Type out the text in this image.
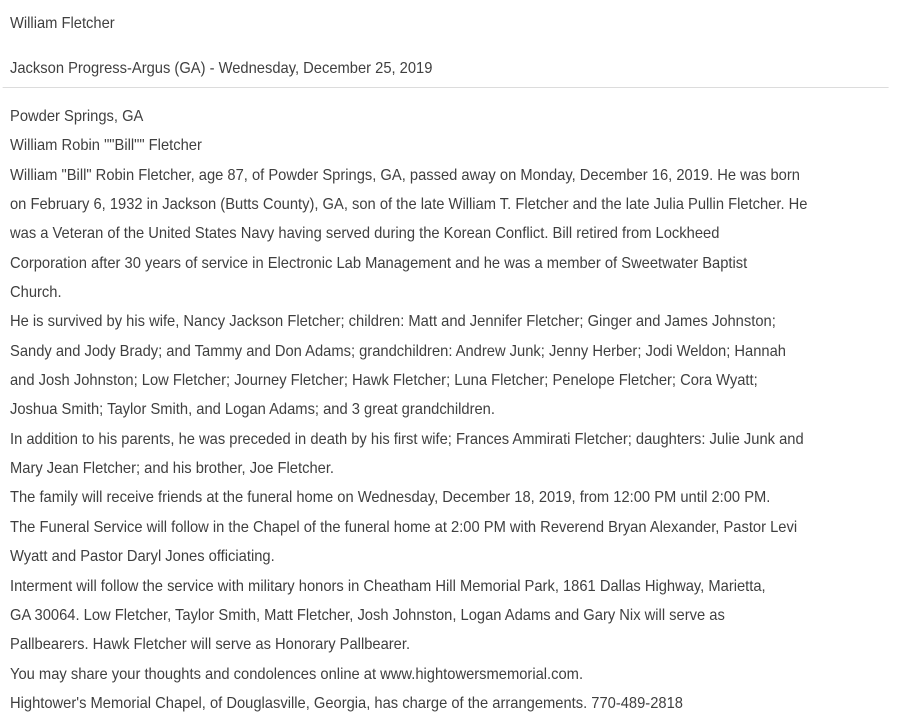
William Fletcher
Jackson Progress-Argus (GA) - Wednesday, December 25, 2019
Powder Springs, GA
William Robin ""Bill"" Fletcher
William "Bill" Robin Fletcher, age 87, of Powder Springs, GA, passed away on Monday, December 16, 2019. He was born
on February 6, 1932 in Jackson (Butts County), GA, son of the late William T. Fletcher and the late Julia Pullin Fletcher. He
was a Veteran of the United States Navy having served during the Korean Conflict. Bill retired from Lockheed
Corporation after 30 years of service in Electronic Lab Management and he was a member of Sweetwater Baptist
Church.
He is survived by his wife, Nancy Jackson Fletcher; children: Matt and Jennifer Fletcher; Ginger and James Johnston;
Sandy and Jody Brady; and Tammy and Don Adams; grandchildren: Andrew Junk; Jenny Herber; Jodi Weldon; Hannah
and Josh Johnston; Low Fletcher; Journey Fletcher; Hawk Fletcher; Luna Fletcher; Penelope Fletcher; Cora Wyatt;
Joshua Smith; Taylor Smith, and Logan Adams; and 3 great grandchildren.
In addition to his parents, he was preceded in death by his first wife; Frances Ammirati Fletcher; daughters: Julie Junk and
Mary Jean Fletcher; and his brother, Joe Fletcher.
The family will receive friends at the funeral home on Wednesday, December 18, 2019, from 12:00 PM until 2:00 PM.
The Funeral Service will follow in the Chapel of the funeral home at 2:00 PM with Reverend Bryan Alexander, Pastor Levi
Wyatt and Pastor Daryl Jones officiating.
Interment will follow the service with military honors in Cheatham Hill Memorial Park, 1861 Dallas Highway, Marietta,
GA 30064. Low Fletcher, Taylor Smith, Matt Fletcher, Josh Johnston, Logan Adams and Gary Nix will serve as
Pallbearers. Hawk Fletcher will serve as Honorary Pallbearer.
You may share your thoughts and condolences online at www.hightowersmemorial.com.
Hightower's Memorial Chapel, of Douglasville, Georgia, has charge of the arrangements. 770-489-2818
